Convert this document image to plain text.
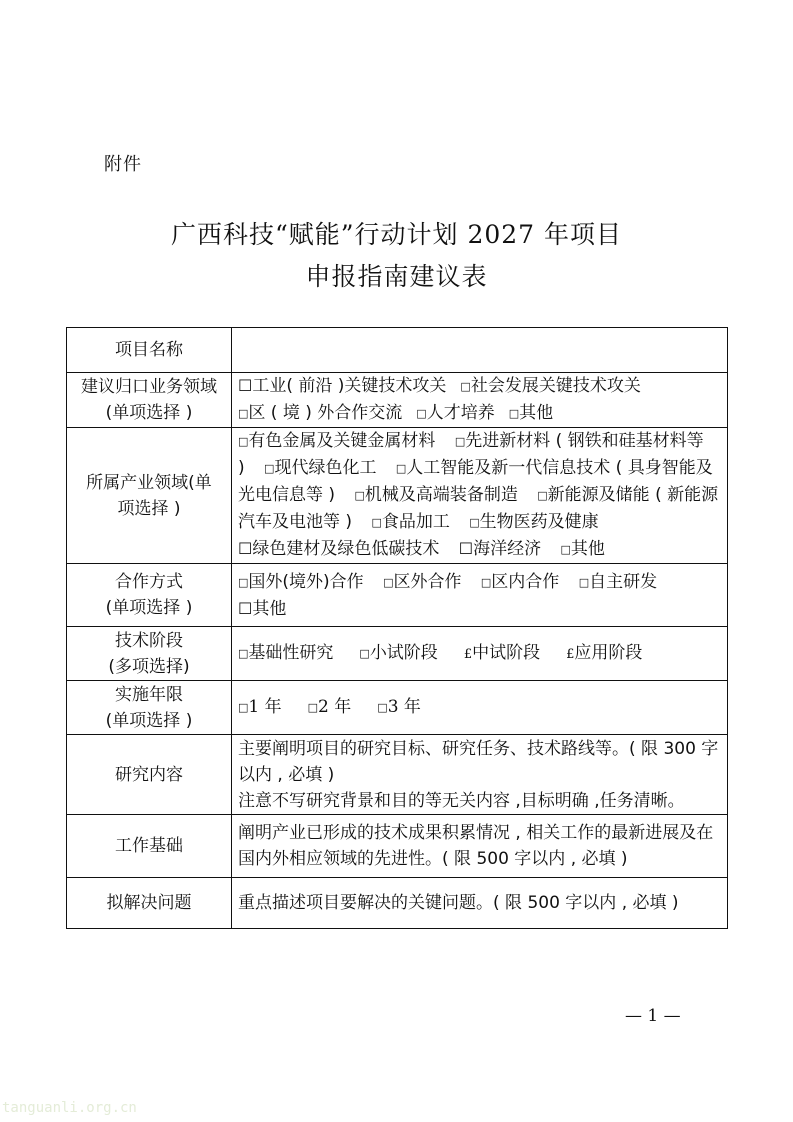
附件
广西科技“赋能”行动计划 2027 年项目
申报指南建议表
项目名称	

建议归口业务领域
(单项选择 )	☐工业( 前沿 )关键技术攻关 □社会发展关键技术攻关□区 ( 境 ) 外合作交流 □人才培养 □其他

所属产业领域(单
项选择 )	□有色金属及关键金属材料 □先进新材料 ( 钢铁和硅基材料等 ) □现代绿色化工 □人工智能及新一代信息技术 ( 具身智能及光电信息等 ) □机械及高端装备制造 □新能源及储能 ( 新能源汽车及电池等 ) □食品加工 □生物医药及健康 ☐绿色建材及绿色低碳技术 ☐海洋经济 □其他

合作方式
(单项选择 )
	□国外(境外)合作 □区外合作 □区内合作 □自主研发
☐其他

技术阶段
(多项选择)	□基础性研究 □小试阶段 £中试阶段 £应用阶段

实施年限
(单项选择 )	□1 年 □2 年 □3 年
研究内容	主要阐明项目的研究目标、研究任务、技术路线等。( 限 300 字以内 , 必填 )
注意不写研究背景和目的等无关内容 ,目标明确 ,任务清晰。

工作基础	阐明产业已形成的技术成果积累情况 , 相关工作的最新进展及在国内外相应领域的先进性。( 限 500 字以内 , 必填 )

拟解决问题	重点描述项目要解决的关键问题。( 限 500 字以内 , 必填 )
— 1 —
tanguanli.org.cn
